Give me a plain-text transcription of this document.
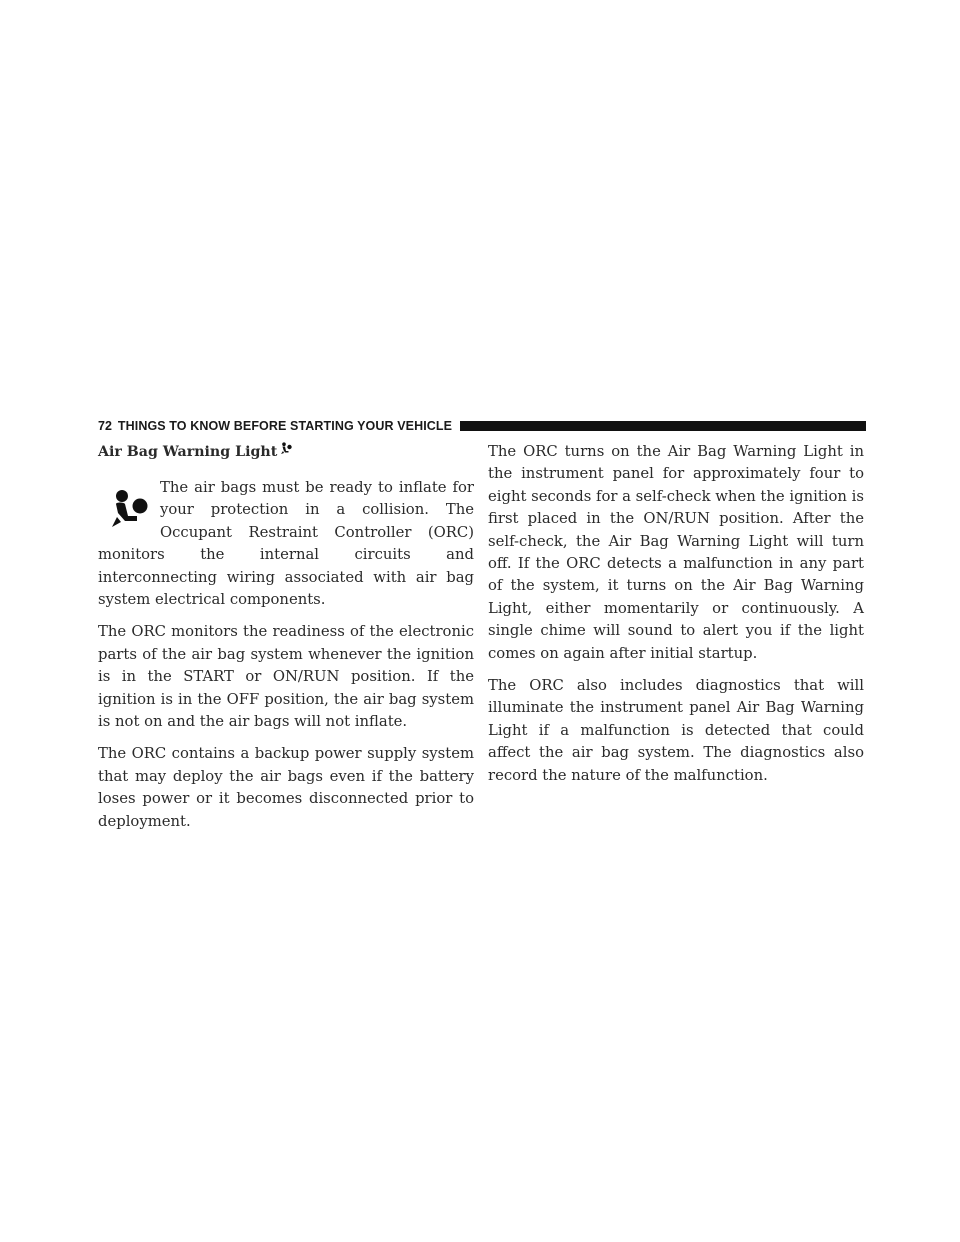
72 THINGS TO KNOW BEFORE STARTING YOUR VEHICLE
Air Bag Warning Light

The air bags must be ready to inflate for your protection in a collision. The Occupant Restraint Controller (ORC) monitors the internal circuits and interconnecting wiring associated with air bag system electrical components.

The ORC monitors the readiness of the electronic parts of the air bag system whenever the ignition is in the START or ON/RUN position. If the ignition is in the OFF position, the air bag system is not on and the air bags will not inflate.

The ORC contains a backup power supply system that may deploy the air bags even if the battery loses power or it becomes disconnected prior to deployment.

The ORC turns on the Air Bag Warning Light in the instrument panel for approximately four to eight seconds for a self-check when the ignition is first placed in the ON/RUN position. After the self-check, the Air Bag Warning Light will turn off. If the ORC detects a malfunction in any part of the system, it turns on the Air Bag Warning Light, either momentarily or continuously. A single chime will sound to alert you if the light comes on again after initial startup.

The ORC also includes diagnostics that will illuminate the instrument panel Air Bag Warning Light if a malfunction is detected that could affect the air bag system. The diagnostics also record the nature of the malfunction.
